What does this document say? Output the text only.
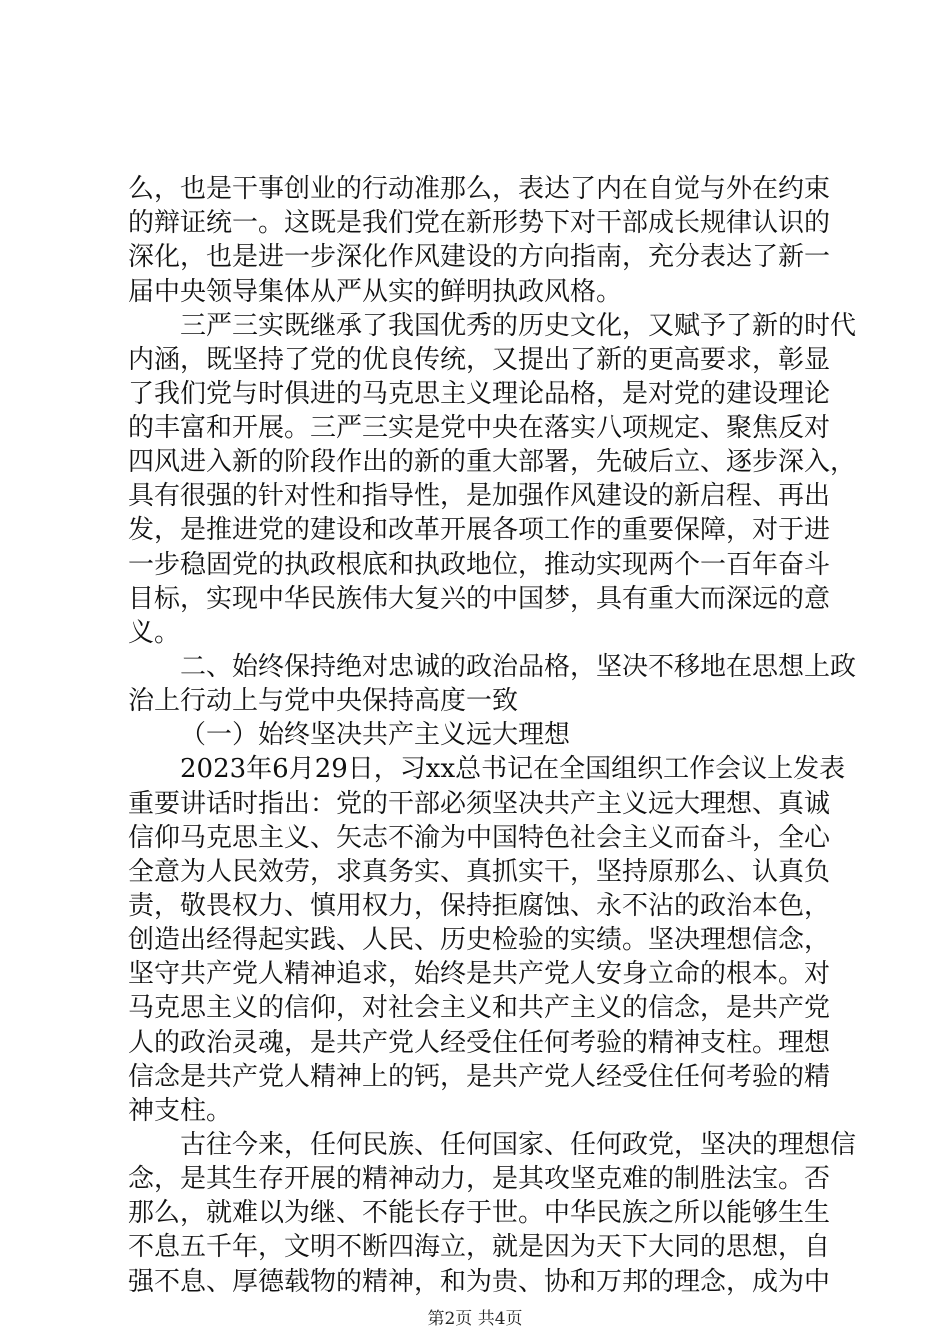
么，也是干事创业的行动准那么，表达了内在自觉与外在约束
的辩证统一。这既是我们党在新形势下对干部成长规律认识的
深化，也是进一步深化作风建设的方向指南，充分表达了新一
届中央领导集体从严从实的鲜明执政风格。
三严三实既继承了我国优秀的历史文化，又赋予了新的时代
内涵，既坚持了党的优良传统，又提出了新的更高要求，彰显
了我们党与时俱进的马克思主义理论品格，是对党的建设理论
的丰富和开展。三严三实是党中央在落实八项规定、聚焦反对
四风进入新的阶段作出的新的重大部署，先破后立、逐步深入，
具有很强的针对性和指导性，是加强作风建设的新启程、再出
发，是推进党的建设和改革开展各项工作的重要保障，对于进
一步稳固党的执政根底和执政地位，推动实现两个一百年奋斗
目标，实现中华民族伟大复兴的中国梦，具有重大而深远的意
义。
二、始终保持绝对忠诚的政治品格，坚决不移地在思想上政
治上行动上与党中央保持高度一致
（一）始终坚决共产主义远大理想
2023年6月29日，习xx总书记在全国组织工作会议上发表
重要讲话时指出：党的干部必须坚决共产主义远大理想、真诚
信仰马克思主义、矢志不渝为中国特色社会主义而奋斗，全心
全意为人民效劳，求真务实、真抓实干，坚持原那么、认真负
责，敬畏权力、慎用权力，保持拒腐蚀、永不沾的政治本色，
创造出经得起实践、人民、历史检验的实绩。坚决理想信念，
坚守共产党人精神追求，始终是共产党人安身立命的根本。对
马克思主义的信仰，对社会主义和共产主义的信念，是共产党
人的政治灵魂，是共产党人经受住任何考验的精神支柱。理想
信念是共产党人精神上的钙，是共产党人经受住任何考验的精
神支柱。
古往今来，任何民族、任何国家、任何政党，坚决的理想信
念，是其生存开展的精神动力，是其攻坚克难的制胜法宝。否
那么，就难以为继、不能长存于世。中华民族之所以能够生生
不息五千年，文明不断四海立，就是因为天下大同的思想，自
强不息、厚德载物的精神，和为贵、协和万邦的理念，成为中
第2页 共4页
